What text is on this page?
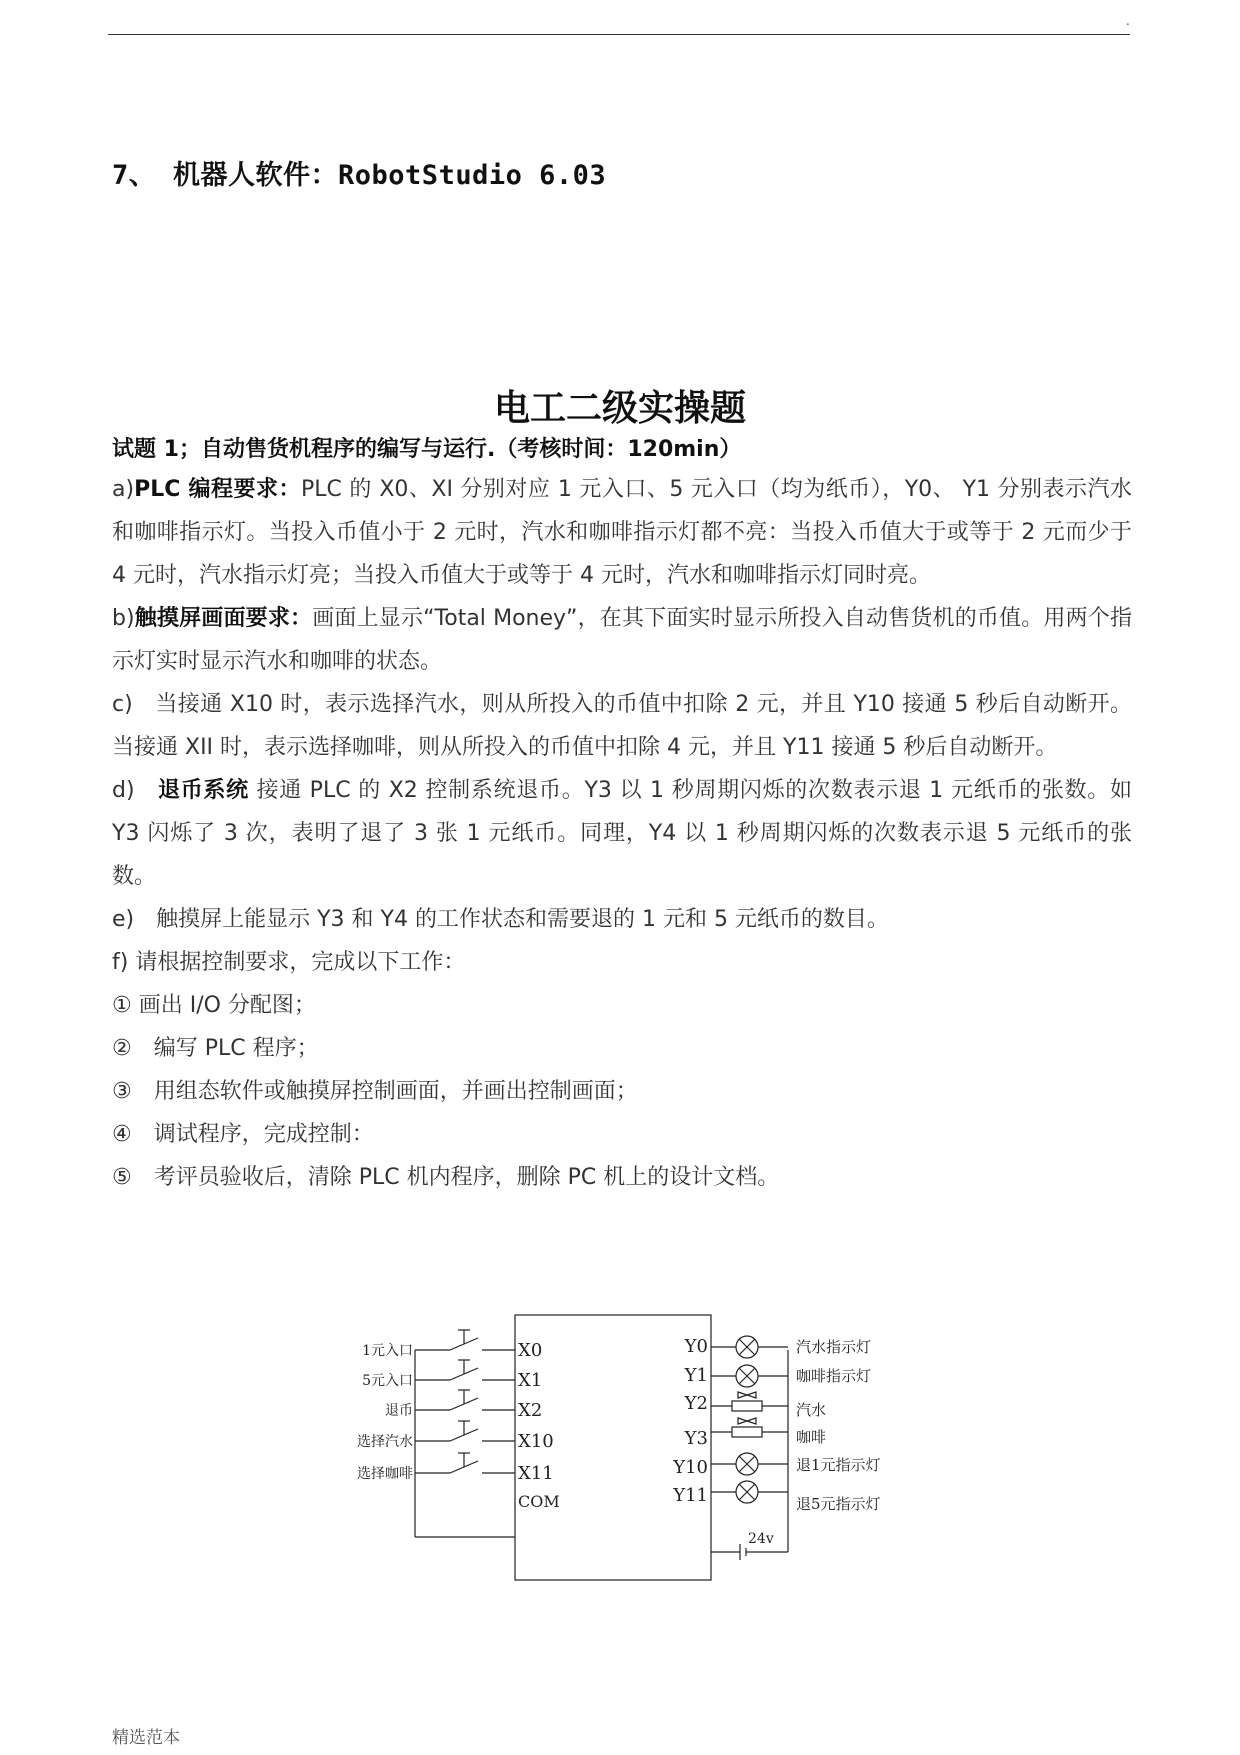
.
7、 机器人软件：RobotStudio 6.03
电工二级实操题
试题 1；自动售货机程序的编写与运行.（考核时间：120min）

a)PLC 编程要求：PLC 的 X0、XI 分别对应 1 元入口、5 元入口（均为纸币），Y0、 Y1 分别表示汽水和咖啡指示灯。当投入币值小于 2 元时，汽水和咖啡指示灯都不亮：当投入币值大于或等于 2 元而少于 4 元时，汽水指示灯亮；当投入币值大于或等于 4 元时，汽水和咖啡指示灯同时亮。

b)触摸屏画面要求：画面上显示“Total Money”，在其下面实时显示所投入自动售货机的币值。用两个指示灯实时显示汽水和咖啡的状态。

c)　当接通 X10 时，表示选择汽水，则从所投入的币值中扣除 2 元，并且 Y10 接通 5 秒后自动断开。当接通 XII 时，表示选择咖啡，则从所投入的币值中扣除 4 元，并且 Y11 接通 5 秒后自动断开。

d)　退币系统 接通 PLC 的 X2 控制系统退币。Y3 以 1 秒周期闪烁的次数表示退 1 元纸币的张数。如 Y3 闪烁了 3 次，表明了退了 3 张 1 元纸币。同理，Y4 以 1 秒周期闪烁的次数表示退 5 元纸币的张数。

e)　触摸屏上能显示 Y3 和 Y4 的工作状态和需要退的 1 元和 5 元纸币的数目。

f) 请根据控制要求，完成以下工作：

① 画出 I/O 分配图；

②　编写 PLC 程序；

③　用组态软件或触摸屏控制画面，并画出控制画面；

④　调试程序，完成控制：

⑤　考评员验收后，清除 PLC 机内程序，删除 PC 机上的设计文档。

1元入口
5元入口
退币
选择汽水
选择咖啡
X0
X1
X2
X10
X11
COM
Y0
Y1
Y2
Y3
Y10
Y11
汽水指示灯
咖啡指示灯
汽水
咖啡
退1元指示灯
退5元指示灯
24v
精选范本
